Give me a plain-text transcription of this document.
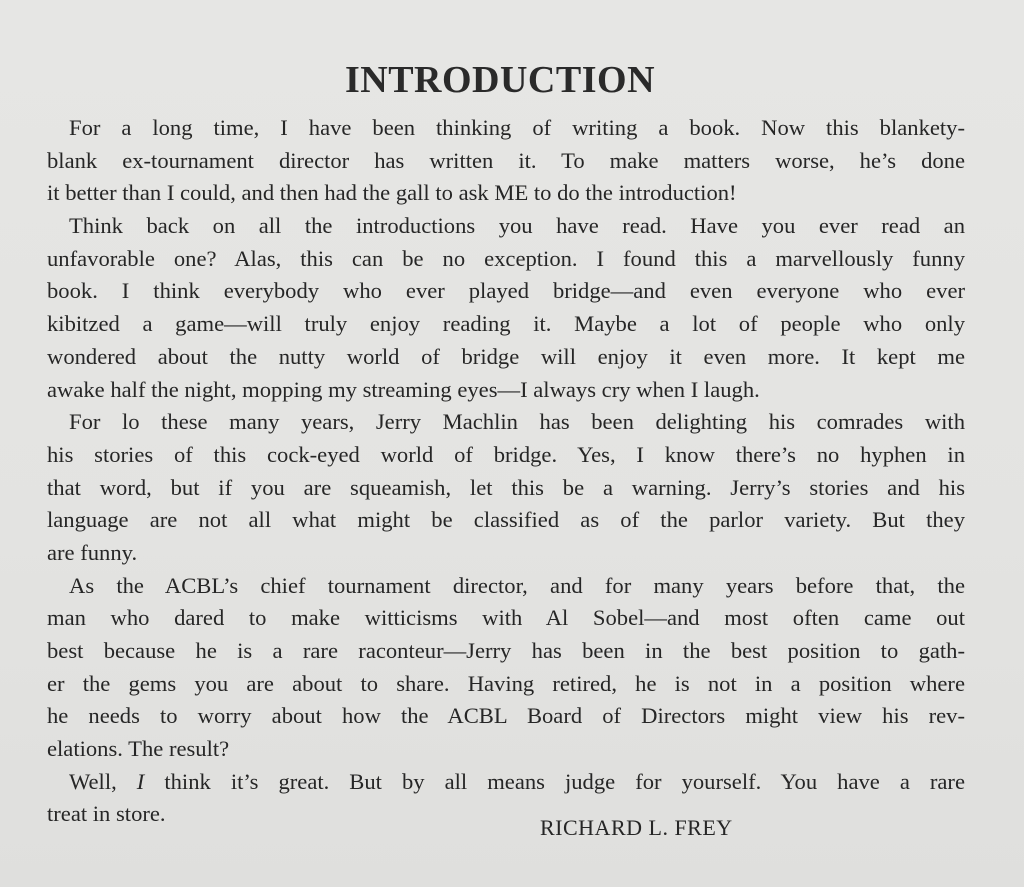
INTRODUCTION
For a long time, I have been thinking of writing a book. Now this blankety-
blank ex-tournament director has written it. To make matters worse, he’s done
it better than I could, and then had the gall to ask ME to do the introduction!
Think back on all the introductions you have read. Have you ever read an
unfavorable one? Alas, this can be no exception. I found this a marvellously funny
book. I think everybody who ever played bridge—and even everyone who ever
kibitzed a game—will truly enjoy reading it. Maybe a lot of people who only
wondered about the nutty world of bridge will enjoy it even more. It kept me
awake half the night, mopping my streaming eyes—I always cry when I laugh.
For lo these many years, Jerry Machlin has been delighting his comrades with
his stories of this cock-eyed world of bridge. Yes, I know there’s no hyphen in
that word, but if you are squeamish, let this be a warning. Jerry’s stories and his
language are not all what might be classified as of the parlor variety. But they
are funny.
As the ACBL’s chief tournament director, and for many years before that, the
man who dared to make witticisms with Al Sobel—and most often came out
best because he is a rare raconteur—Jerry has been in the best position to gath-
er the gems you are about to share. Having retired, he is not in a position where
he needs to worry about how the ACBL Board of Directors might view his rev-
elations. The result?
Well, I think it’s great. But by all means judge for yourself. You have a rare
treat in store.
RICHARD L. FREY
